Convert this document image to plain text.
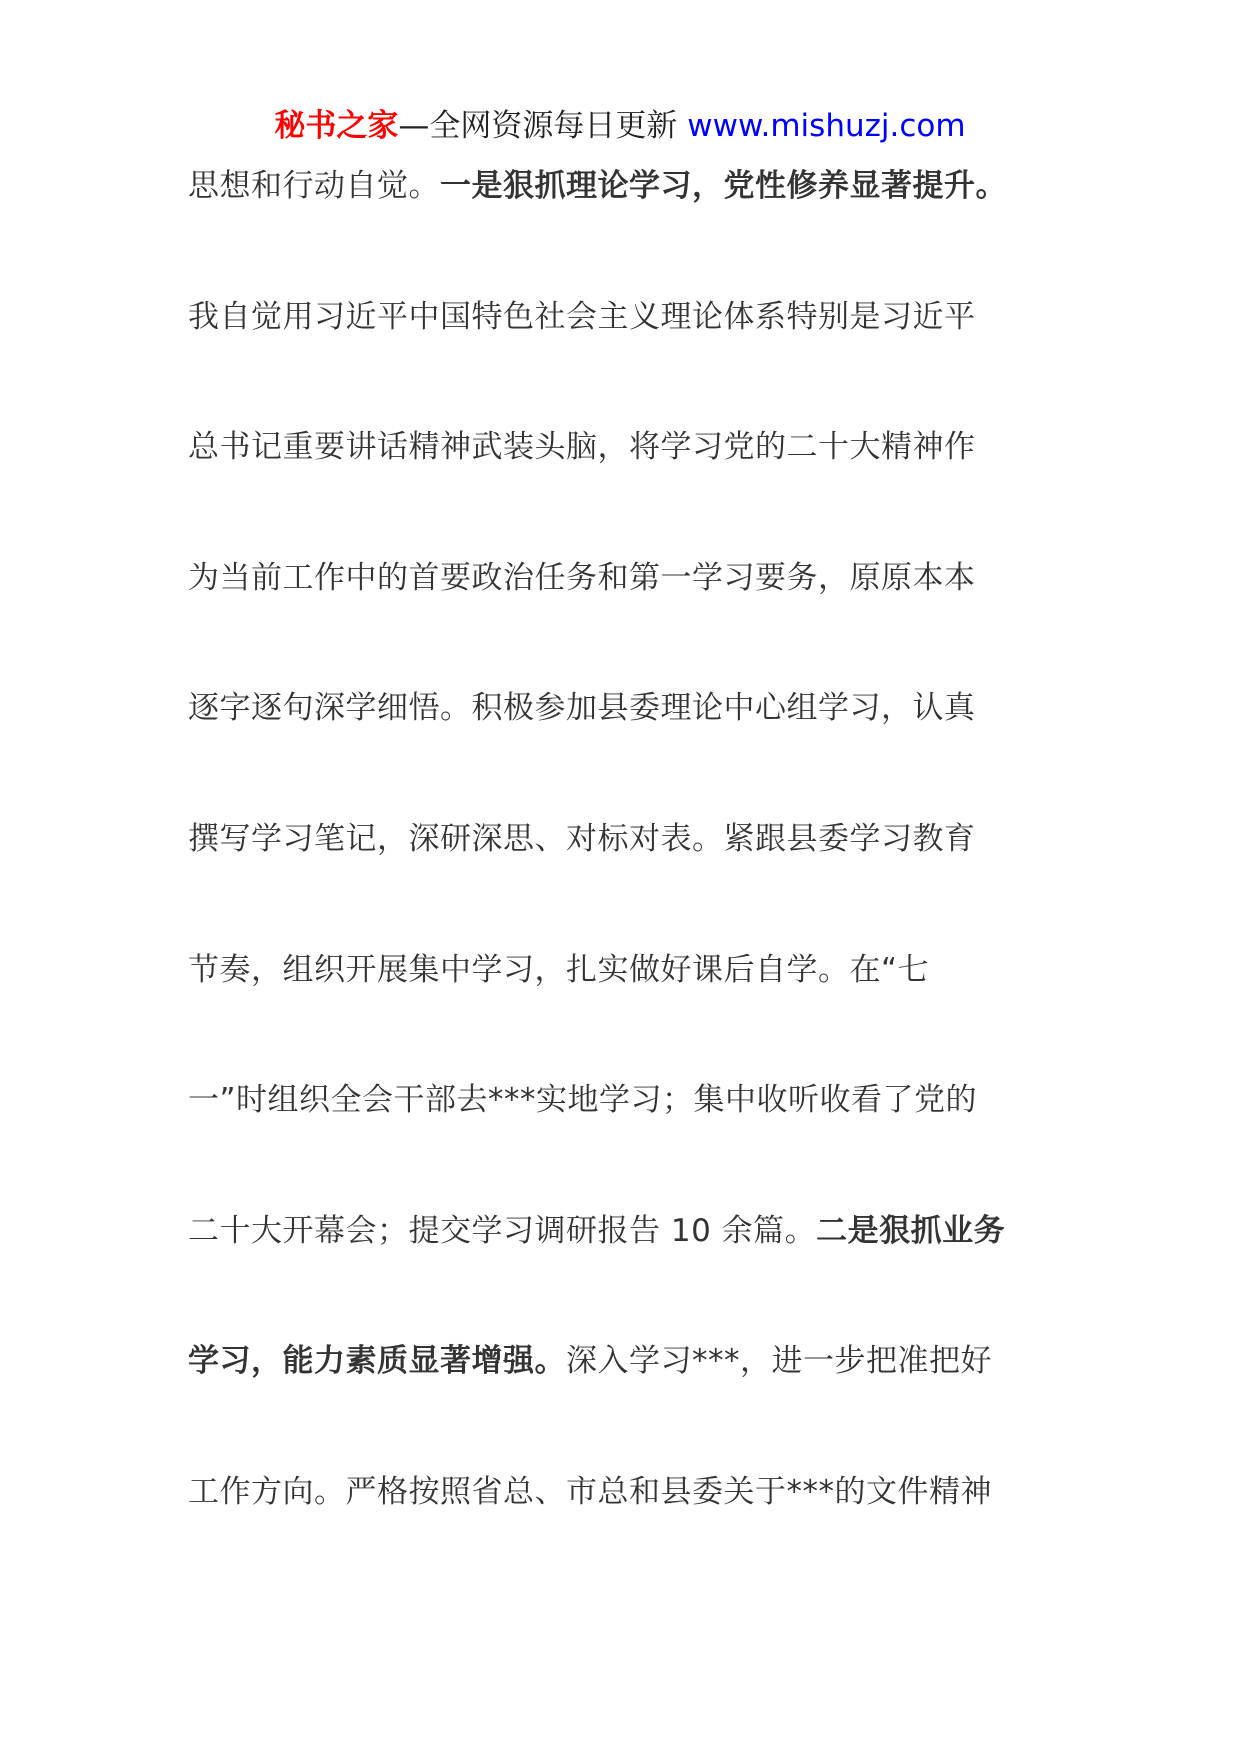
秘书之家—全网资源每日更新 www.mishuzj.com
思想和行动自觉。一是狠抓理论学习，党性修养显著提升。
我自觉用习近平中国特色社会主义理论体系特别是习近平
总书记重要讲话精神武装头脑，将学习党的二十大精神作
为当前工作中的首要政治任务和第一学习要务，原原本本
逐字逐句深学细悟。积极参加县委理论中心组学习，认真
撰写学习笔记，深研深思、对标对表。紧跟县委学习教育
节奏，组织开展集中学习，扎实做好课后自学。在“七
一”时组织全会干部去***实地学习；集中收听收看了党的
二十大开幕会；提交学习调研报告 10 余篇。二是狠抓业务
学习，能力素质显著增强。深入学习***，进一步把准把好
工作方向。严格按照省总、市总和县委关于***的文件精神
